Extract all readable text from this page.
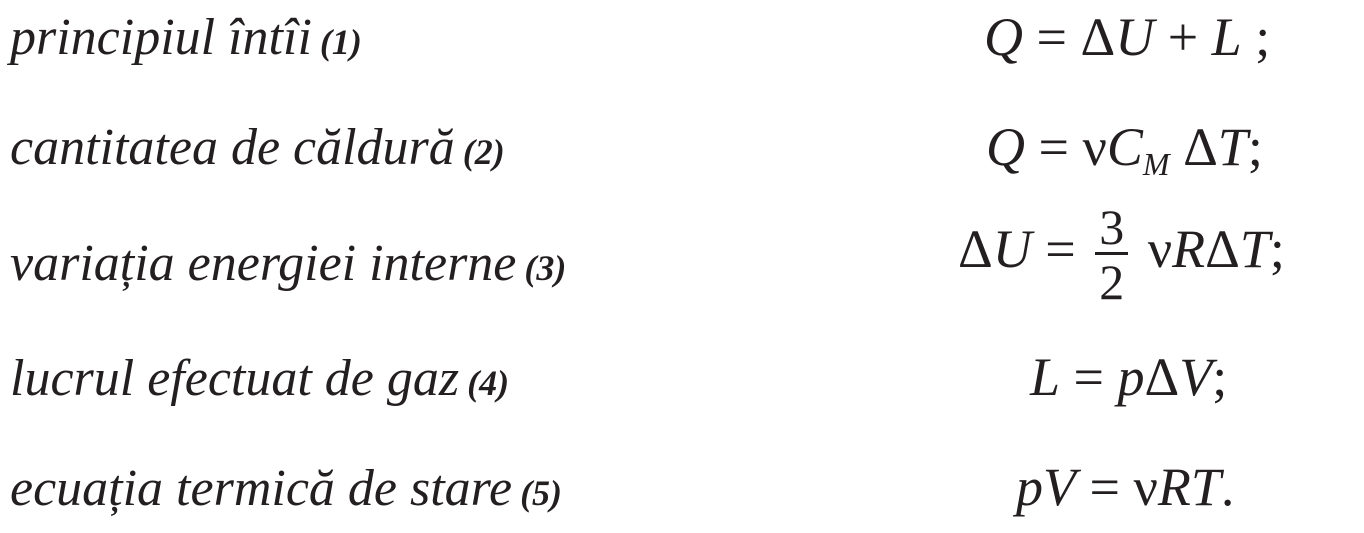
principiul întîi (1)	Q = ΔU + L ;
cantitatea de căldură (2)	$Q = \nu C_M$ ΔT;
variația energiei interne (3)	$\Delta U = \frac{3}{2} \nu R\Delta T$;
lucrul efectuat de gaz (4)	L = pΔV;
ecuația termică de stare (5)	pV = νRT.
